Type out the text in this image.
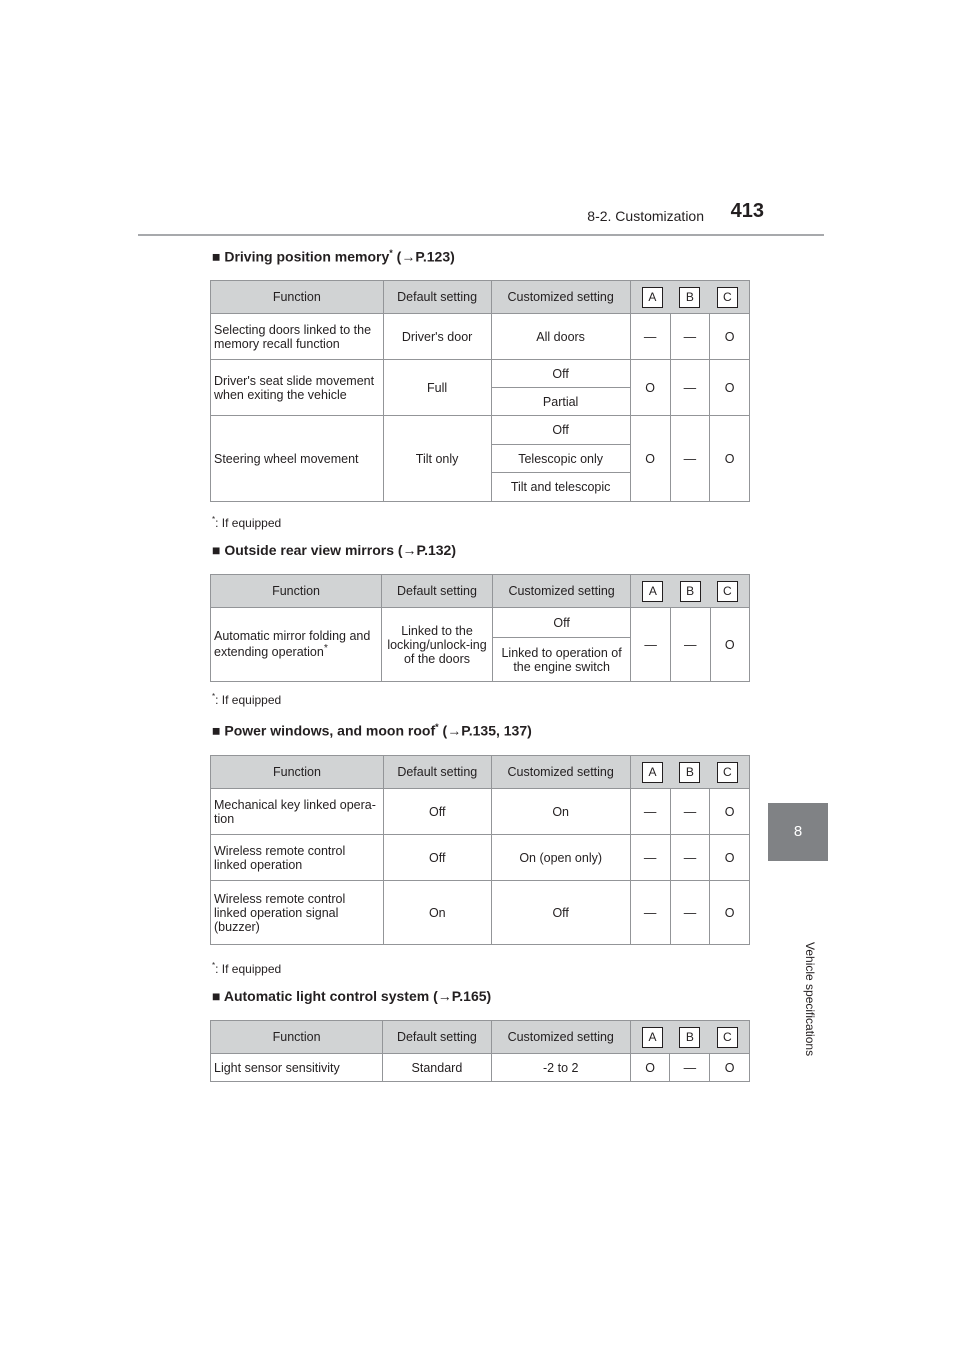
8-2. Customization 413
8
Vehicle specifications
■ Driving position memory* (→P.123)
Function	Default setting	Customized setting	A B C		

Selecting doors linked to the memory recall function	Driver's door	All doors	—	—	O
Driver's seat slide movement when exiting the vehicle	Full	Off	O	—	O
		Partial			
Steering wheel movement	Tilt only	Off	O	—	O
		Telescopic only			
		Tilt and telescopic			
*: If equipped
■ Outside rear view mirrors (→P.132)
Function	Default setting	Customized setting	A B C		

Automatic mirror folding and extending operation*	Linked to the locking/unlock-ing of the doors	Off	—	—	O
		Linked to operation of the engine switch			
*: If equipped
■ Power windows, and moon roof* (→P.135, 137)
Function	Default setting	Customized setting	A B C		

Mechanical key linked opera-tion	Off	On	—	—	O
Wireless remote control linked operation	Off	On (open only)	—	—	O
Wireless remote control linked operation signal (buzzer)	On	Off	—	—	O
*: If equipped
■ Automatic light control system (→P.165)
Function	Default setting	Customized setting	A B C		

Light sensor sensitivity	Standard	-2 to 2	O	—	O
